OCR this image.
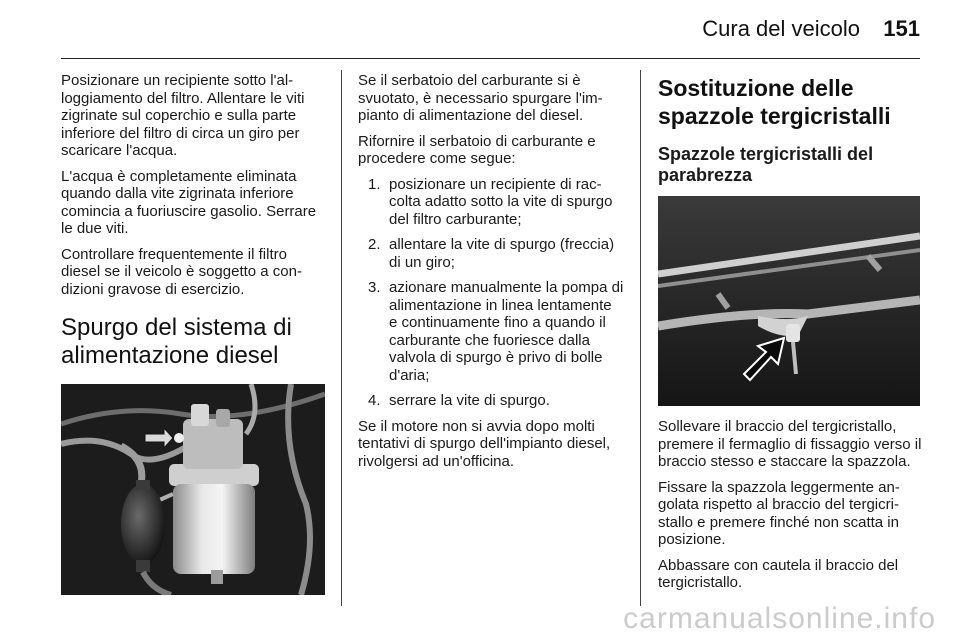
Cura del veicolo 151

Posizionare un recipiente sotto l'alloggiamento del filtro. Allentare le viti zigrinate sul coperchio e sulla parte inferiore del filtro di circa un giro per scaricare l'acqua.

L'acqua è completamente eliminata quando dalla vite zigrinata inferiore comincia a fuoriuscire gasolio. Serrare le due viti.

Controllare frequentemente il filtro diesel se il veicolo è soggetto a condizioni gravose di esercizio.

Spurgo del sistema di alimentazione diesel

Se il serbatoio del carburante si è svuotato, è necessario spurgare l'impianto di alimentazione del diesel.

Rifornire il serbatoio di carburante e procedere come segue:

1. posizionare un recipiente di raccolta adatto sotto la vite di spurgo del filtro carburante;
2. allentare la vite di spurgo (freccia) di un giro;
3. azionare manualmente la pompa di alimentazione in linea lentamente e continuamente fino a quando il carburante che fuoriesce dalla valvola di spurgo è privo di bolle d'aria;
4. serrare la vite di spurgo.

Se il motore non si avvia dopo molti tentativi di spurgo dell'impianto diesel, rivolgersi ad un'officina.

Sostituzione delle spazzole tergicristalli
Spazzole tergicristalli del parabrezza

Sollevare il braccio del tergicristallo, premere il fermaglio di fissaggio verso il braccio stesso e staccare la spazzola.

Fissare la spazzola leggermente angolata rispetto al braccio del tergicristallo e premere finché non scatta in posizione.

Abbassare con cautela il braccio del tergicristallo.

carmanualsonline.info
